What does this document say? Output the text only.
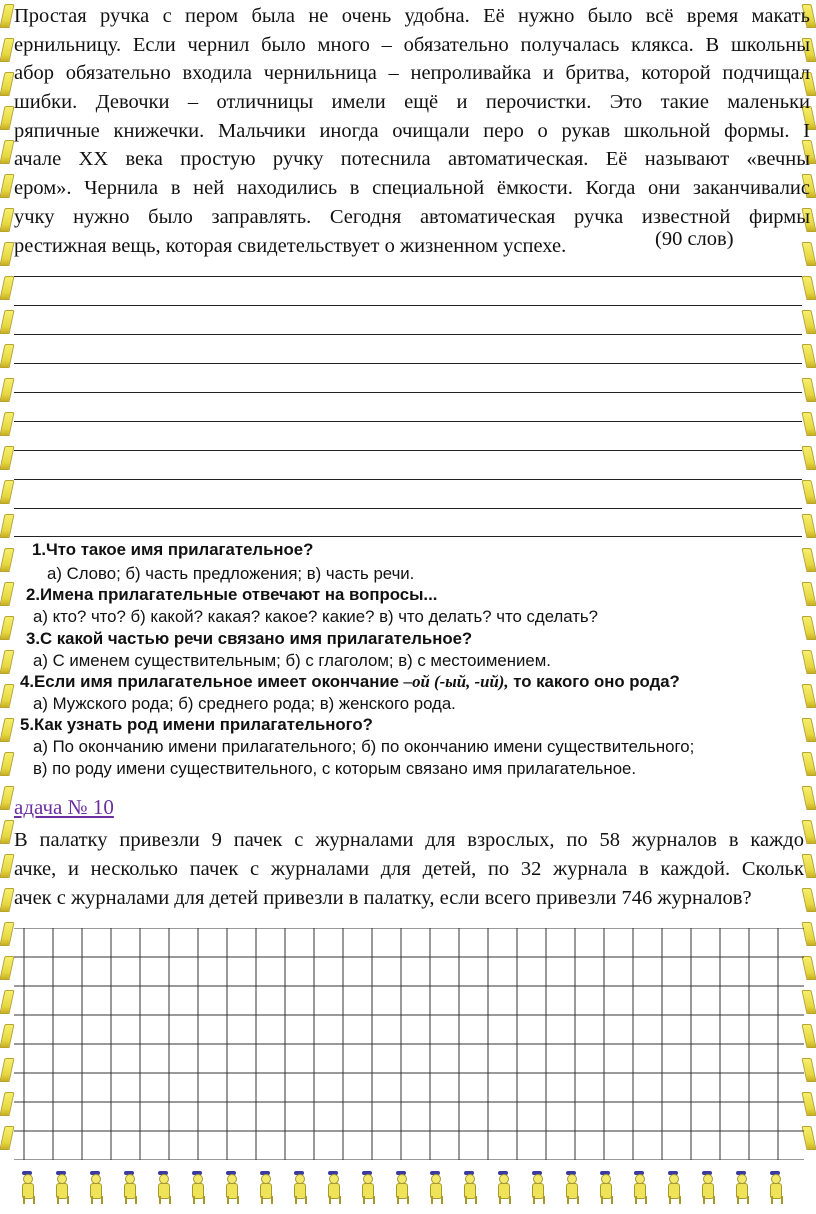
Простая ручка с пером была не очень удобна. Её нужно было всё время макать
ернильницу. Если чернил было много – обязательно получалась клякса. В школьны
абор обязательно входила чернильница – непроливайка и бритва, которой подчищал
шибки. Девочки – отличницы имели ещё и перочистки. Это такие маленьки
ряпичные книжечки. Мальчики иногда очищали перо о рукав школьной формы. I
ачале XX века простую ручку потеснила автоматическая. Её называют «вечны
ером». Чернила в ней находились в специальной ёмкости. Когда они заканчивалис
учку нужно было заправлять. Сегодня автоматическая ручка известной фирмы
рестижная вещь, которая свидетельствует о жизненном успехе.	(90 слов)
1.Что такое имя прилагательное?
а) Слово; б) часть предложения; в) часть речи.
2.Имена прилагательные отвечают на вопросы...
а) кто? что? б) какой? какая? какое? какие? в) что делать? что сделать?
3.С какой частью речи связано имя прилагательное?
а) С именем существительным; б) с глаголом; в) с местоимением.
4.Если имя прилагательное имеет окончание –ой (-ый, -ий), то какого оно рода?
а) Мужского рода; б) среднего рода; в) женского рода.
5.Как узнать род имени прилагательного?
а) По окончанию имени прилагательного; б) по окончанию имени существительного;
в) по роду имени существительного, с которым связано имя прилагательное.
адача № 10
В палатку привезли 9 пачек с журналами для взрослых, по 58 журналов в каждо
ачке, и несколько пачек с журналами для детей, по 32 журнала в каждой. Скольк
ачек с журналами для детей привезли в палатку, если всего привезли 746 журналов?
